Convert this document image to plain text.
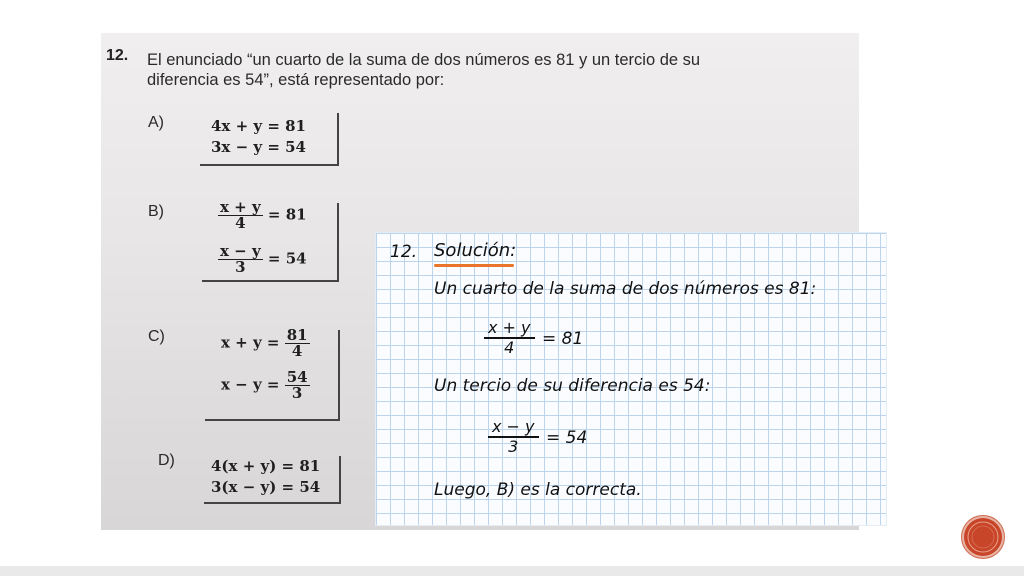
12. El enunciado “un cuarto de la suma de dos números es 81 y un tercio de su
diferencia es 54”, está representado por:
A)	4x + y = 81
3x − y = 54
B)	$\frac{x + y}{4} = 81$
$\frac{x - y}{3} = 54$
C)	$x + y = \frac{81}{4}$
$x - y = \frac{54}{3}$
D) 4(x + y) = 81
3(x − y) = 54
12. Solución:
Un cuarto de la suma de dos números es 81:
$\frac{x + y}{4} = 81$
Un tercio de su diferencia es 54:
$\frac{x - y}{3} = 54$
Luego, B) es la correcta.
